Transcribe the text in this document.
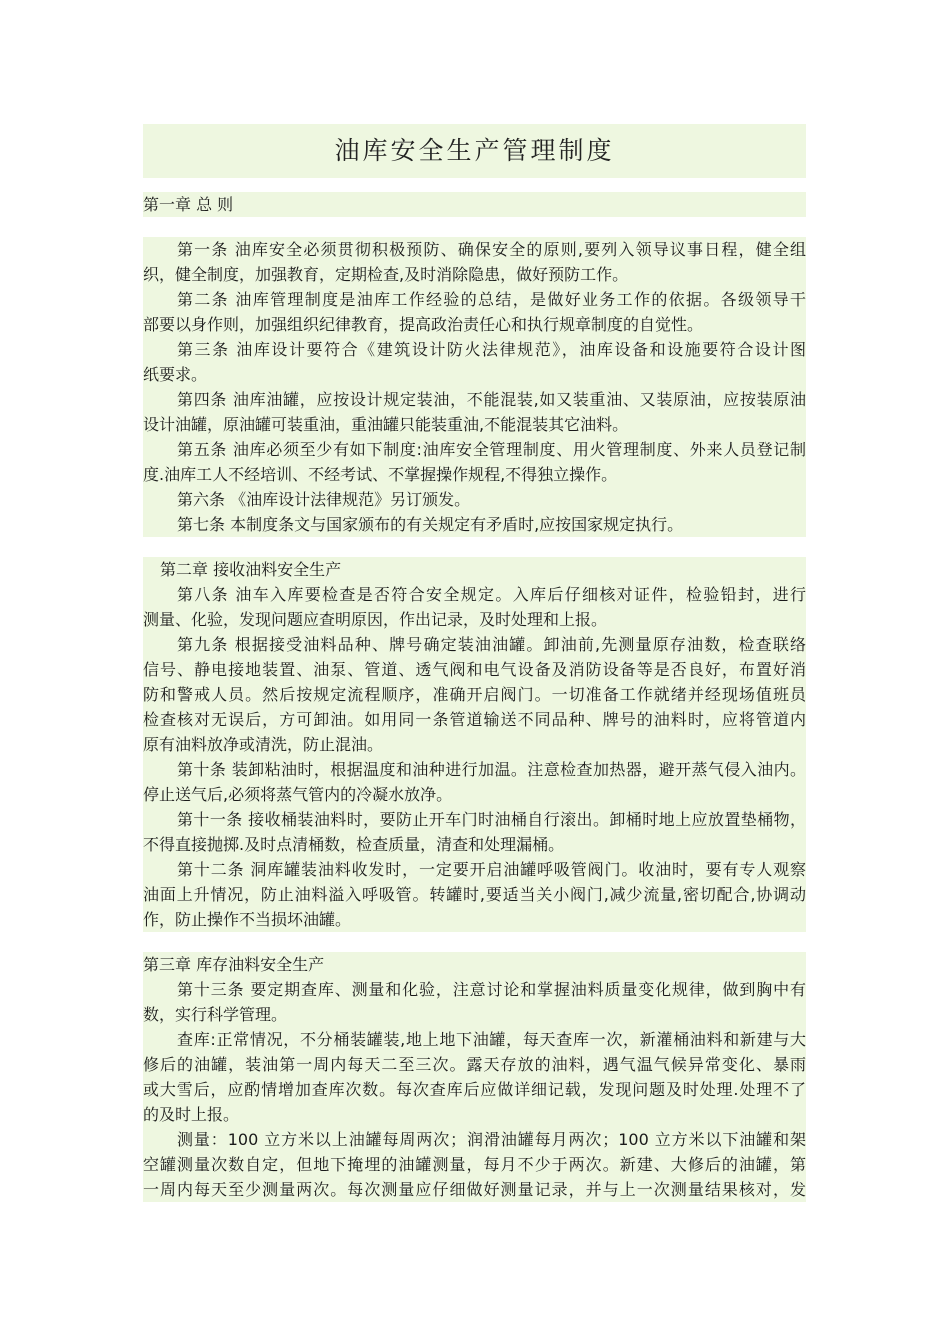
油库安全生产管理制度
第一章 总 则
第一条 油库安全必须贯彻积极预防、确保安全的原则,要列入领导议事日程，健全组
织，健全制度，加强教育，定期检查,及时消除隐患，做好预防工作。
第二条 油库管理制度是油库工作经验的总结，是做好业务工作的依据。各级领导干
部要以身作则，加强组织纪律教育，提高政治责任心和执行规章制度的自觉性。
第三条 油库设计要符合《建筑设计防火法律规范》，油库设备和设施要符合设计图
纸要求。
第四条 油库油罐，应按设计规定装油，不能混装,如又装重油、又装原油，应按装原油
设计油罐，原油罐可装重油，重油罐只能装重油,不能混装其它油料。
第五条 油库必须至少有如下制度:油库安全管理制度、用火管理制度、外来人员登记制
度.油库工人不经培训、不经考试、不掌握操作规程,不得独立操作。
第六条 《油库设计法律规范》另订颁发。
第七条 本制度条文与国家颁布的有关规定有矛盾时,应按国家规定执行。
第二章 接收油料安全生产
第八条 油车入库要检查是否符合安全规定。入库后仔细核对证件，检验铅封，进行
测量、化验，发现问题应查明原因，作出记录，及时处理和上报。
第九条 根据接受油料品种、牌号确定装油油罐。卸油前,先测量原存油数，检查联络
信号、静电接地装置、油泵、管道、透气阀和电气设备及消防设备等是否良好，布置好消
防和警戒人员。然后按规定流程顺序，准确开启阀门。一切准备工作就绪并经现场值班员
检查核对无误后，方可卸油。如用同一条管道输送不同品种、牌号的油料时，应将管道内
原有油料放净或清洗，防止混油。
第十条 装卸粘油时，根据温度和油种进行加温。注意检查加热器，避开蒸气侵入油内。
停止送气后,必须将蒸气管内的冷凝水放净。
第十一条 接收桶装油料时，要防止开车门时油桶自行滚出。卸桶时地上应放置垫桶物，
不得直接抛掷.及时点清桶数，检查质量，清查和处理漏桶。
第十二条 洞库罐装油料收发时，一定要开启油罐呼吸管阀门。收油时，要有专人观察
油面上升情况，防止油料溢入呼吸管。转罐时,要适当关小阀门,减少流量,密切配合,协调动
作，防止操作不当损坏油罐。
第三章 库存油料安全生产
第十三条 要定期查库、测量和化验，注意讨论和掌握油料质量变化规律，做到胸中有
数，实行科学管理。
查库:正常情况，不分桶装罐装,地上地下油罐，每天查库一次，新灌桶油料和新建与大
修后的油罐，装油第一周内每天二至三次。露天存放的油料，遇气温气候异常变化、暴雨
或大雪后，应酌情增加查库次数。每次查库后应做详细记载，发现问题及时处理.处理不了
的及时上报。
测量：100 立方米以上油罐每周两次；润滑油罐每月两次；100 立方米以下油罐和架
空罐测量次数自定，但地下掩埋的油罐测量，每月不少于两次。新建、大修后的油罐，第
一周内每天至少测量两次。每次测量应仔细做好测量记录，并与上一次测量结果核对，发
